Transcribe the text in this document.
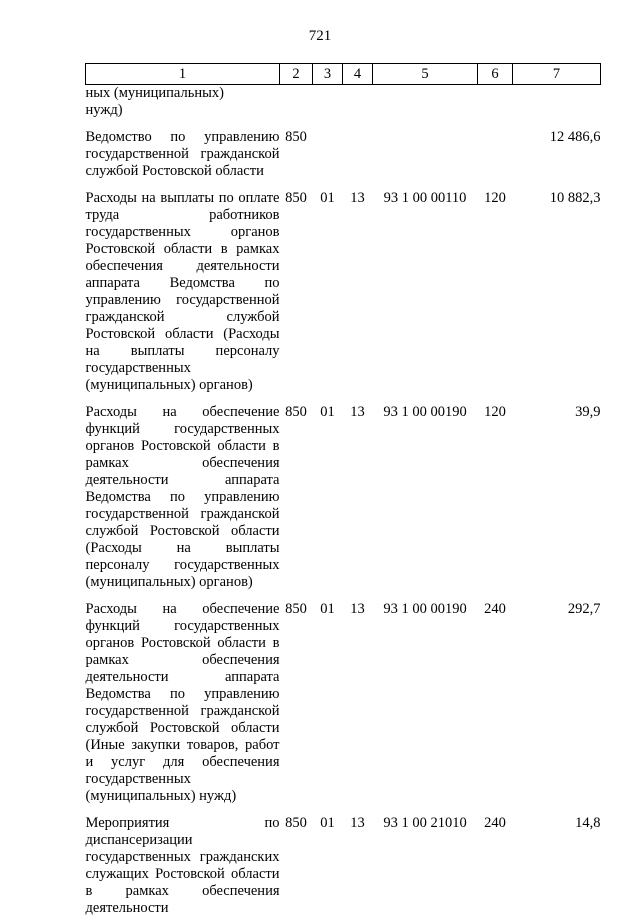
721
1	2	3	4	5	6	7

ных (муниципальных)
нужд)						

Ведомство по управлению государственной гражданской службой Ростовской области	850					12 486,6
Расходы на выплаты по оплате труда работников государственных органов Ростовской области в рамках обеспечения деятельности аппарата Ведомства по управлению государственной гражданской службой Ростовской области (Расходы на выплаты персоналу государственных (муниципальных) органов)	850	01	13	93 1 00 00110	120	10 882,3
Расходы на обеспечение функций государственных органов Ростовской области в рамках обеспечения деятельности аппарата Ведомства по управлению государственной гражданской службой Ростовской области (Расходы на выплаты персоналу государственных (муниципальных) органов)	850	01	13	93 1 00 00190	120	39,9
Расходы на обеспечение функций государственных органов Ростовской области в рамках обеспечения деятельности аппарата Ведомства по управлению государственной гражданской службой Ростовской области (Иные закупки товаров, работ и услуг для обеспечения государственных (муниципальных) нужд)	850	01	13	93 1 00 00190	240	292,7
Мероприятия по диспансеризации государственных гражданских служащих Ростовской области в рамках обеспечения деятельности	850	01	13	93 1 00 21010	240	14,8
